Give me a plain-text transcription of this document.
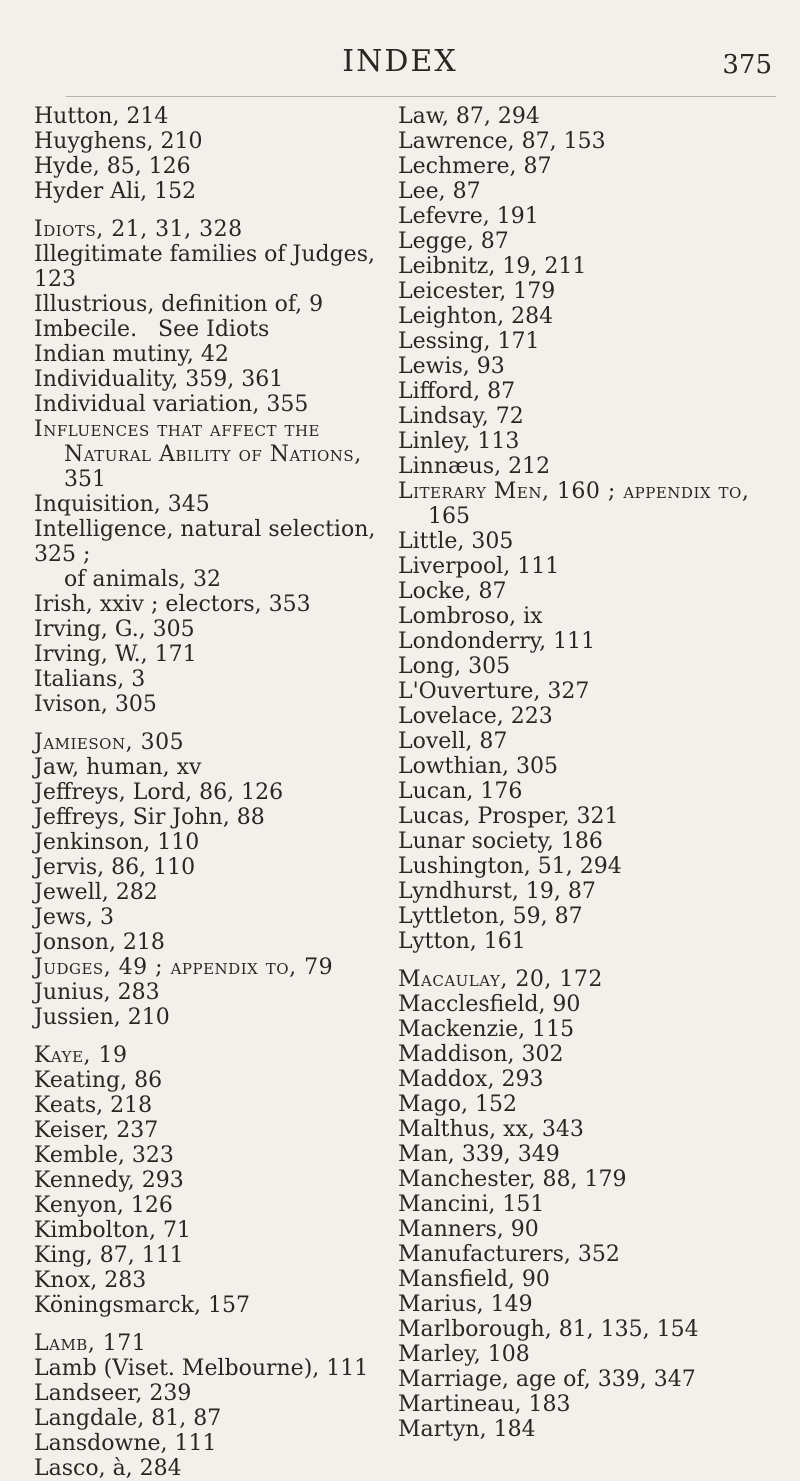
INDEX	375
Hutton, 214
Huyghens, 210
Hyde, 85, 126
Hyder Ali, 152
Idiots, 21, 31, 328
Illegitimate families of Judges, 123
Illustrious, definition of, 9
Imbecile.   See Idiots
Indian mutiny, 42
Individuality, 359, 361
Individual variation, 355
Influences that affect the
Natural Ability of Nations,
351
Inquisition, 345
Intelligence, natural selection, 325 ;
of animals, 32
Irish, xxiv ; electors, 353
Irving, G., 305
Irving, W., 171
Italians, 3
Ivison, 305
Jamieson, 305
Jaw, human, xv
Jeffreys, Lord, 86, 126
Jeffreys, Sir John, 88
Jenkinson, 110
Jervis, 86, 110
Jewell, 282
Jews, 3
Jonson, 218
Judges, 49 ; appendix to, 79
Junius, 283
Jussien, 210
Kaye, 19
Keating, 86
Keats, 218
Keiser, 237
Kemble, 323
Kennedy, 293
Kenyon, 126
Kimbolton, 71
King, 87, 111
Knox, 283
Köningsmarck, 157
Lamb, 171
Lamb (Viset. Melbourne), 111
Landseer, 239
Langdale, 81, 87
Lansdowne, 111
Lasco, à, 284
Law, 87, 294
Lawrence, 87, 153
Lechmere, 87
Lee, 87
Lefevre, 191
Legge, 87
Leibnitz, 19, 211
Leicester, 179
Leighton, 284
Lessing, 171
Lewis, 93
Lifford, 87
Lindsay, 72
Linley, 113
Linnæus, 212
Literary Men, 160 ; appendix to,
165
Little, 305
Liverpool, 111
Locke, 87
Lombroso, ix
Londonderry, 111
Long, 305
L'Ouverture, 327
Lovelace, 223
Lovell, 87
Lowthian, 305
Lucan, 176
Lucas, Prosper, 321
Lunar society, 186
Lushington, 51, 294
Lyndhurst, 19, 87
Lyttleton, 59, 87
Lytton, 161
Macaulay, 20, 172
Macclesfield, 90
Mackenzie, 115
Maddison, 302
Maddox, 293
Mago, 152
Malthus, xx, 343
Man, 339, 349
Manchester, 88, 179
Mancini, 151
Manners, 90
Manufacturers, 352
Mansfield, 90
Marius, 149
Marlborough, 81, 135, 154
Marley, 108
Marriage, age of, 339, 347
Martineau, 183
Martyn, 184
